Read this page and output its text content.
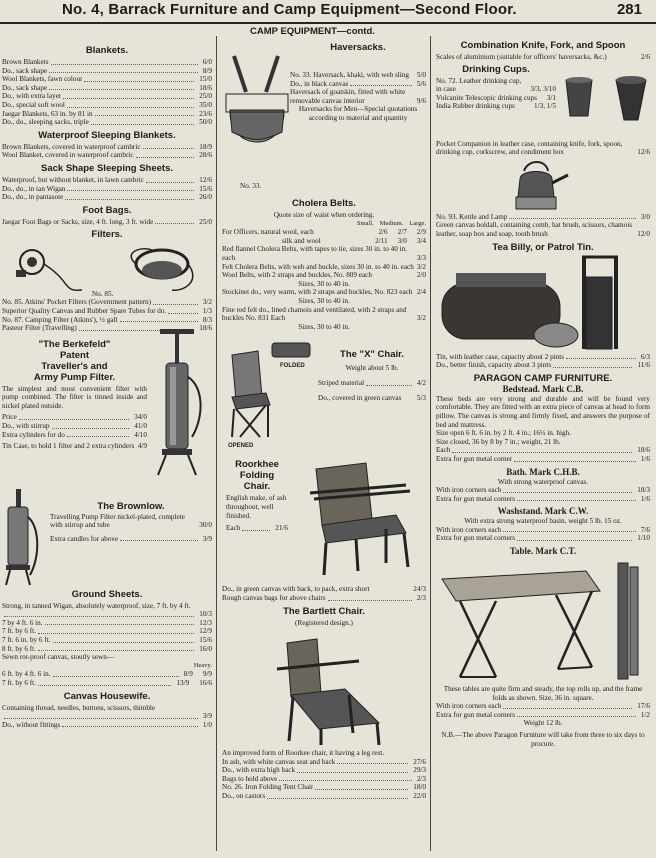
No. 4, Barrack Furniture and Camp Equipment—Second Floor.	281
Blankets.
Brown Blankets	6/0
Do., sack shape	8/9
Wool Blankets, fawn colour	15/0
Do., sack shape	18/6
Do., with extra layer	25/0
Do., special soft wool	35/0
Jaegar Blankets, 63 in. by 81 in	23/6
Do., do., sleeping sacks, triple	50/0
Waterproof Sleeping Blankets.
Brown Blankets, covered in waterproof cambric	18/9
Wool Blanket, covered in waterproof cambric	28/6
Sack Shape Sleeping Sheets.
Waterproof, but without blanket, in lawn cambric	12/6
Do., do., in tan Wigan	15/6
Do., do., in pantasote	26/0
Foot Bags.
Jaegar Foot Bags or Sacks, size, 4 ft. long, 3 ft. wide	25/0
Filters.
No. 85.
No. 85. Atkins' Pocket Filters (Government pattern)	3/2
Superior Quality Canvas and Rubber Spare Tubes for do.	1/3
No. 87. Camping Filter (Atkins'), ½ gall	8/3
Pasteur Filter (Travelling)	18/6
"The Berkefeld"
Patent
Traveller's and
Army Pump Filter.
The simplest and most convenient filter with pump combined. The filter is tinned inside and nickel plated outside.
Price	34/0
Do., with stirrup	41/0
Extra cylinders for do	4/10
Tin Case, to hold 1 filter and 2 extra cylinders 4/9
The Brownlow.
Travelling Pump Filter nickel-plated, complete with stirrup and tube	30/0
Extra candles for above	3/9
Ground Sheets.
Strong, in tanned Wigan, absolutely waterproof, size, 7 ft. by 4 ft.
10/3
7 by 4 ft. 6 in.	12/3
7 ft. by 6 ft.	12/9
7 ft. 6 in. by 6 ft.	15/6
8 ft. by 6 ft.	16/0
Sewn rot-proof canvas, stoutly sewn—
Heavy.
6 ft. by 4 ft. 6 in.	8/9	9/9
7 ft. by 6 ft.	13/9	16/6
Canvas Housewife.
Containing thread, needles, buttons, scissors, thimble
3/9
Do., without fittings	1/0
CAMP EQUIPMENT—contd.
No. 33.
Haversacks.
No. 33. Haversack, khaki, with web sling	5/0
Do., in black canvas	5/6
Haversack of goatskin, fitted with white removable canvas interior	9/6
Haversacks for Men—Special quotations according to material and quantity
Cholera Belts.
Quote size of waist when ordering.
Small. Medium. Large.
For Officers, natural wool, each	2/6 2/7 2/9
silk and wool	2/11 3/0 3/4
Red flannel Cholera Belts, with tapes to tie, sizes 30 in. to 40 in. each	3/3
Felt Cholera Belts, with web and buckle, sizes 30 in. to 40 in. each 3/2
Wool Belts, with 2 straps and buckles, No. 809 each	2/0
Sizes, 30 to 40 in.
Stockinet do., very warm, with 2 straps and buckles, No. 823 each 2/4
Sizes, 30 to 40 in.
Fine red felt do., lined chamois and ventilated, with 2 straps and buckles No. 831 Each	3/2
Sizes, 30 to 40 in.
FOLDED
OPENED
The "X" Chair.
Weight about 5 lb.
Striped material	4/2
Do., covered in green canvas	5/3
Roorkhee
Folding
Chair.
English make, of ash throughout, well finished.
Each	21/6
Do., in green canvas with back, to pack, extra short	24/3
Rough canvas bags for above chairs	2/3
The Bartlett Chair.
(Registered design.)
An improved form of Roorkee chair, it having a leg rest.
In ash, with white canvas seat and back	27/6
Do., with extra high back	29/3
Bags to hold above	2/3
No. 26. Iron Folding Tent Chair	18/0
Do., on castors	22/0
Combination Knife, Fork, and Spoon
Scales of aluminium (suitable for officers' haversacks, &c.)	2/6
Drinking Cups.
No. 72. Leather drinking cup, in case	3/3, 3/10
Vulcanite Telescopic drinking cups	3/1
India Rubber drinking cups	1/3, 1/5
Pocket Companion in leather case, containing knife, fork, spoon, drinking cup, corkscrew, and condiment box	12/6
No. 93. Kettle and Lamp	3/0
Green canvas holdall, containing comb, hat brush, scissors, chamois leather, soap box and soap, tooth brush	12/0
Tea Billy, or Patrol Tin.
Tin, with leather case, capacity about 2 pints	6/3
Do., better finish, capacity about 3 pints	11/6
PARAGON CAMP FURNITURE.
Bedstead. Mark C.B.
These beds are very strong and durable and will be found very comfortable. They are fitted with an extra piece of canvas at head to form pillow. The canvas is strong and firmly fixed, and answers the purpose of bed and mattress.
Size open 6 ft. 6 in. by 2 ft. 4 in.; 16½ in. high.
Size closed, 36 by 8 by 7 in.; weight, 21 lb.
Each	18/6
Extra for gun metal corner	1/6
Bath. Mark C.H.B.
With strong waterproof canvas.
With iron corners each	18/3
Extra for gun metal corners	1/6
Washstand. Mark C.W.
With extra strong waterproof basin, weight 5 lb. 15 oz.
With iron corners each	7/6
Extra for gun metal corners	1/10
Table. Mark C.T.
These tables are quite firm and steady, the top rolls up, and the frame folds as shown. Size, 36 in. square.
With iron corners each	17/6
Extra for gun metal corners	1/2
Weight 12 lb.
N.B.—The above Paragon Furniture will take from three to six days to procure.
